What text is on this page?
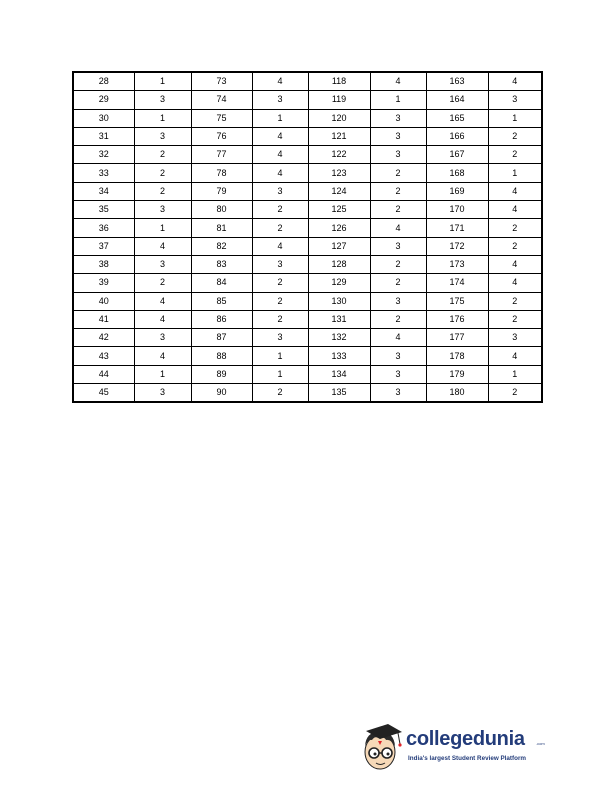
28	1	73	4	118	4	163	4
29	3	74	3	119	1	164	3
30	1	75	1	120	3	165	1
31	3	76	4	121	3	166	2
32	2	77	4	122	3	167	2
33	2	78	4	123	2	168	1
34	2	79	3	124	2	169	4
35	3	80	2	125	2	170	4
36	1	81	2	126	4	171	2
37	4	82	4	127	3	172	2
38	3	83	3	128	2	173	4
39	2	84	2	129	2	174	4
40	4	85	2	130	3	175	2
41	4	86	2	131	2	176	2
42	3	87	3	132	4	177	3
43	4	88	1	133	3	178	4
44	1	89	1	134	3	179	1
45	3	90	2	135	3	180	2
collegedunia	.com
India's largest Student Review Platform
